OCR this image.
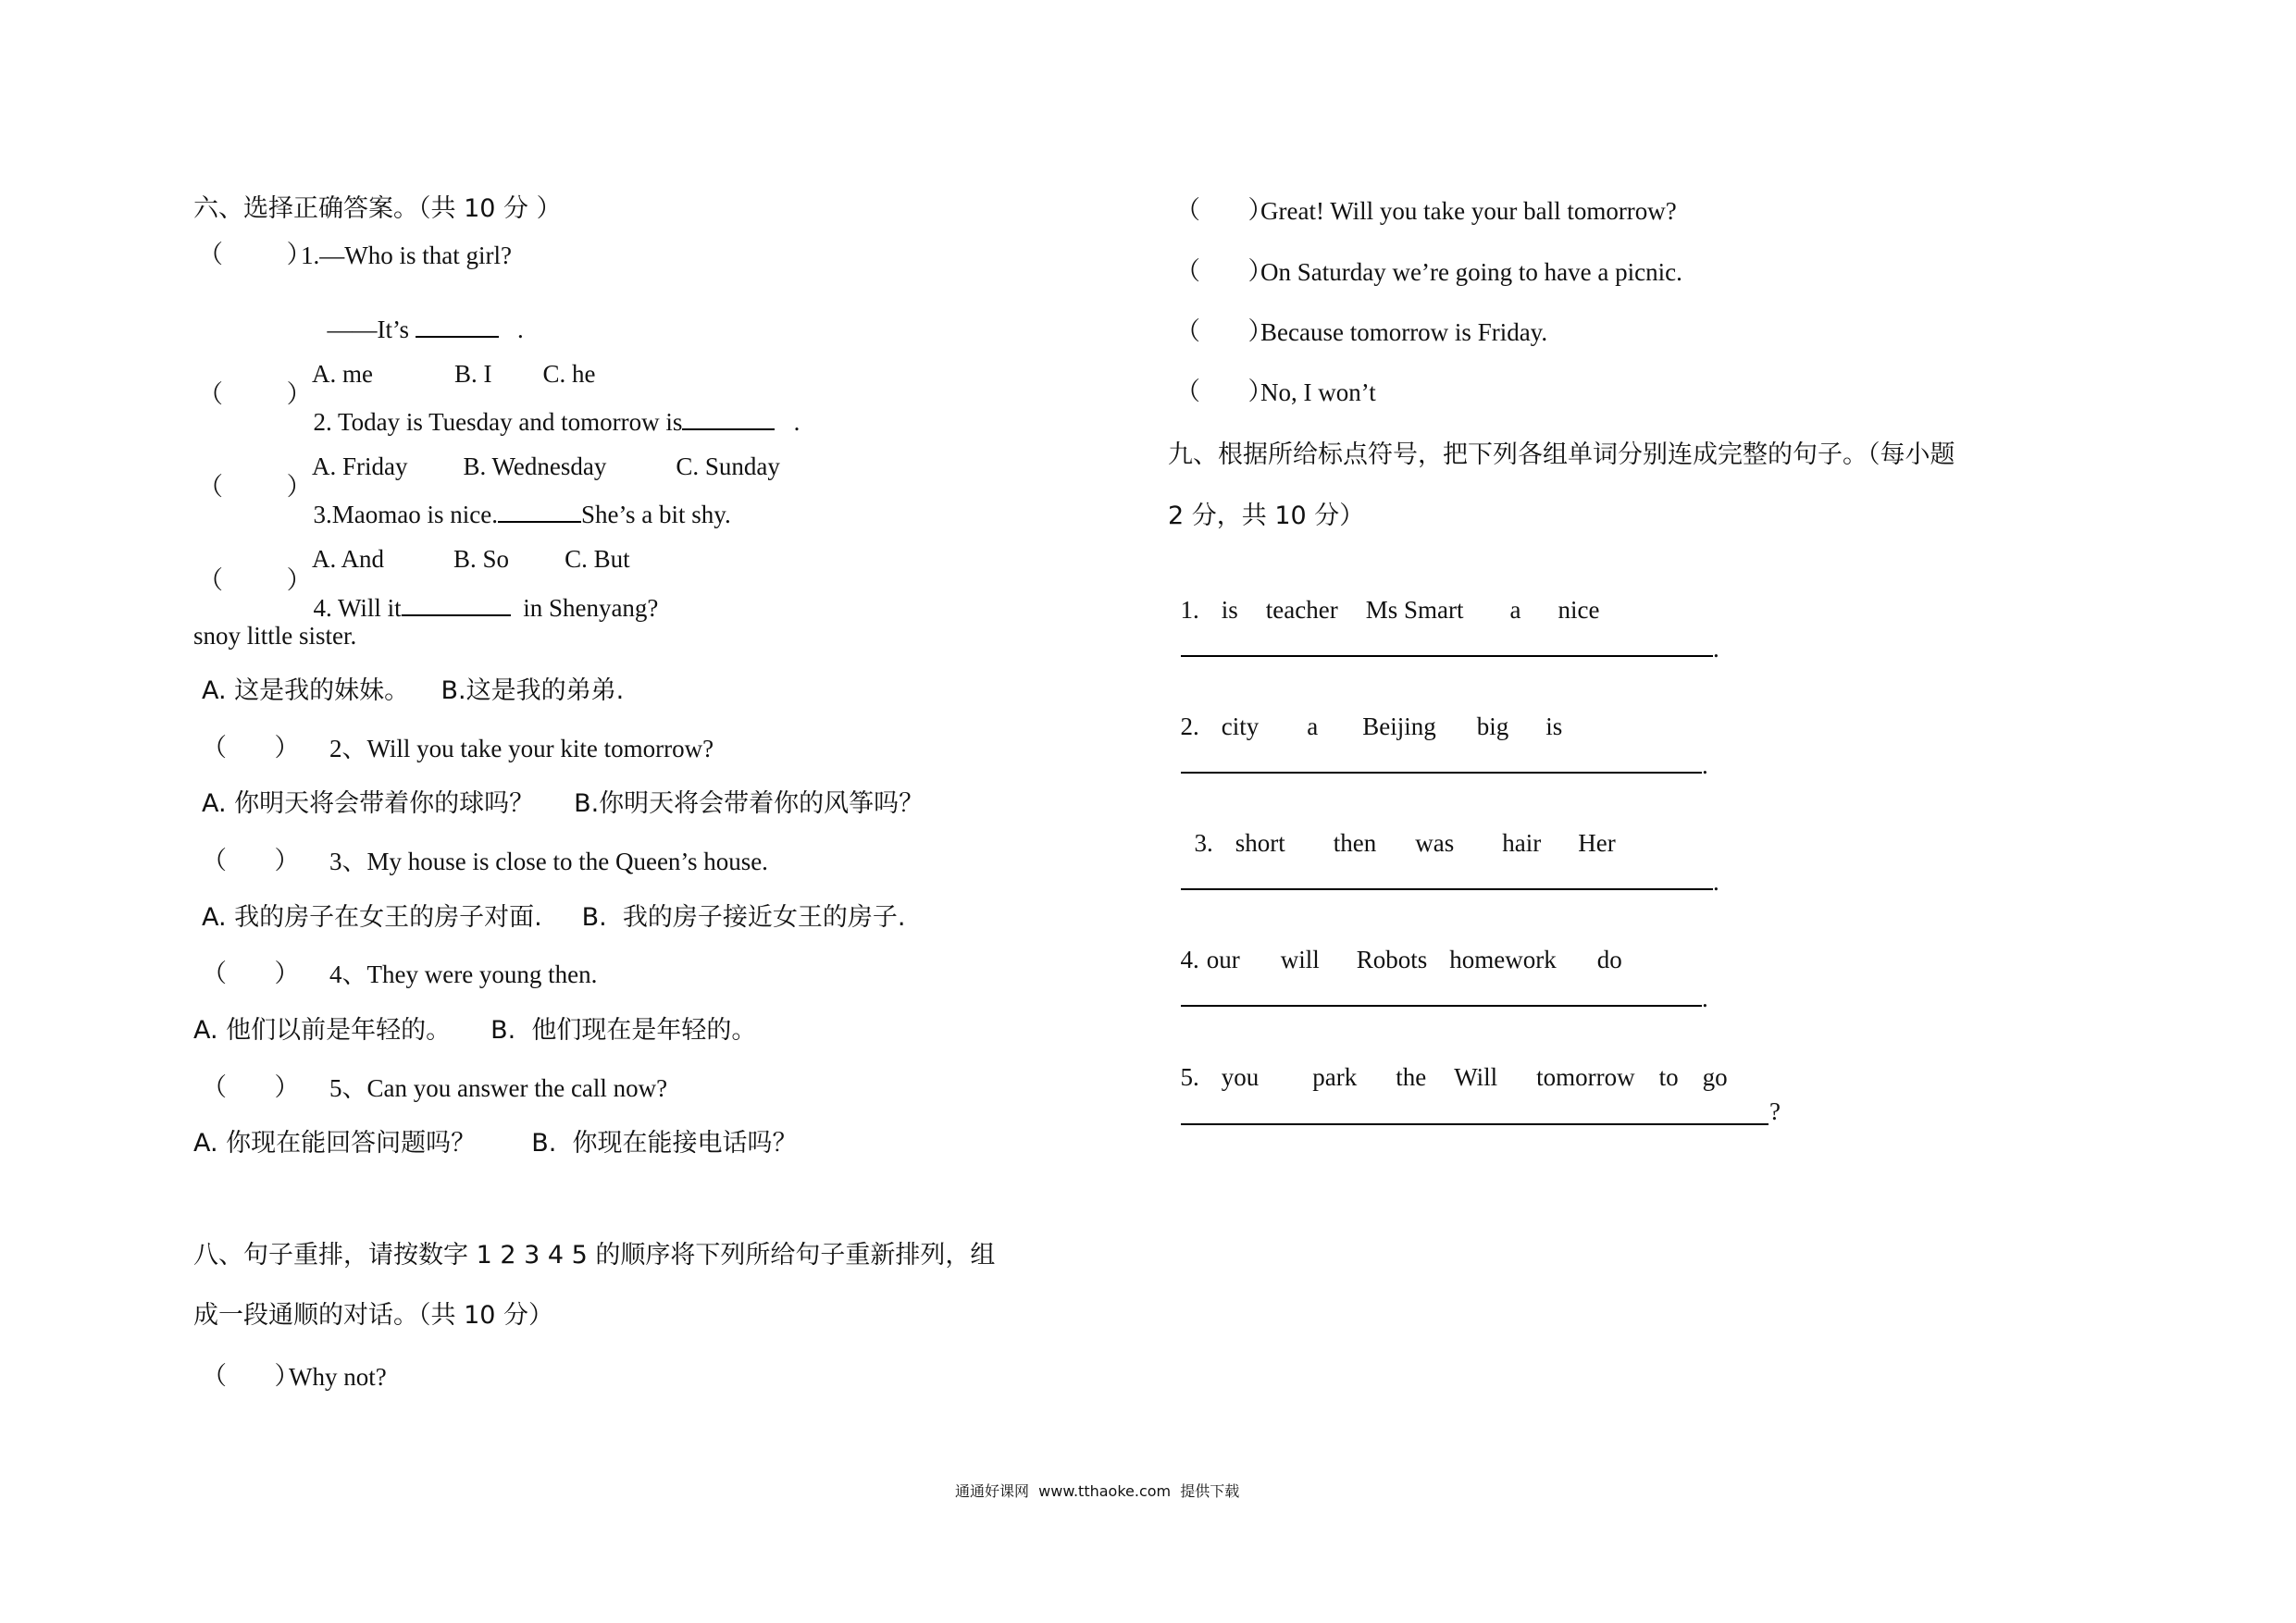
六、选择正确答案。（共 10 分 ）
（        ）
1.—Who is that girl?

——It’s	.

A. me	B. I C. he

（        ）

2. Today is Tuesday and tomorrow is	.

A. Friday B. Wednesday	C. Sunday

（        ）

3.Maomao is nice.	She’s a bit shy.

A. And	B. So C. But

（        ）

4. Will it	in Shenyang?

snoy little sister.
A. 这是我的妹妹。    B.这是我的弟弟.
（      ） 2、Will you take your kite tomorrow?
A. 你明天将会带着你的球吗？     B.你明天将会带着你的风筝吗？
（      ） 3、My house is close to the Queen’s house.
A. 我的房子在女王的房子对面.     B.  我的房子接近女王的房子.
（      ） 4、They were young then.
A. 他们以前是年轻的。     B.  他们现在是年轻的。
（      ） 5、Can you answer the call now?
A. 你现在能回答问题吗？       B.  你现在能接电话吗？
八、句子重排，请按数字 1 2 3 4 5 的顺序将下列所给句子重新排列，组
成一段通顺的对话。（共 10 分）
（      ）
Why not?
（      ）
Great! Will you take your ball tomorrow?
（      ）
On Saturday we’re going to have a picnic.
（      ）
Because tomorrow is Friday.
（      ）
No, I won’t
九、根据所给标点符号，把下列各组单词分别连成完整的句子。（每小题
2 分，共 10 分）

1. is teacher Ms Smart a nice

.

2. city a Beijing big is

.

3. short then was hair Her

.

4. our will Robots homework do

.

5. you park the Will tomorrow to go

?
通通好课网  www.tthaoke.com  提供下载
